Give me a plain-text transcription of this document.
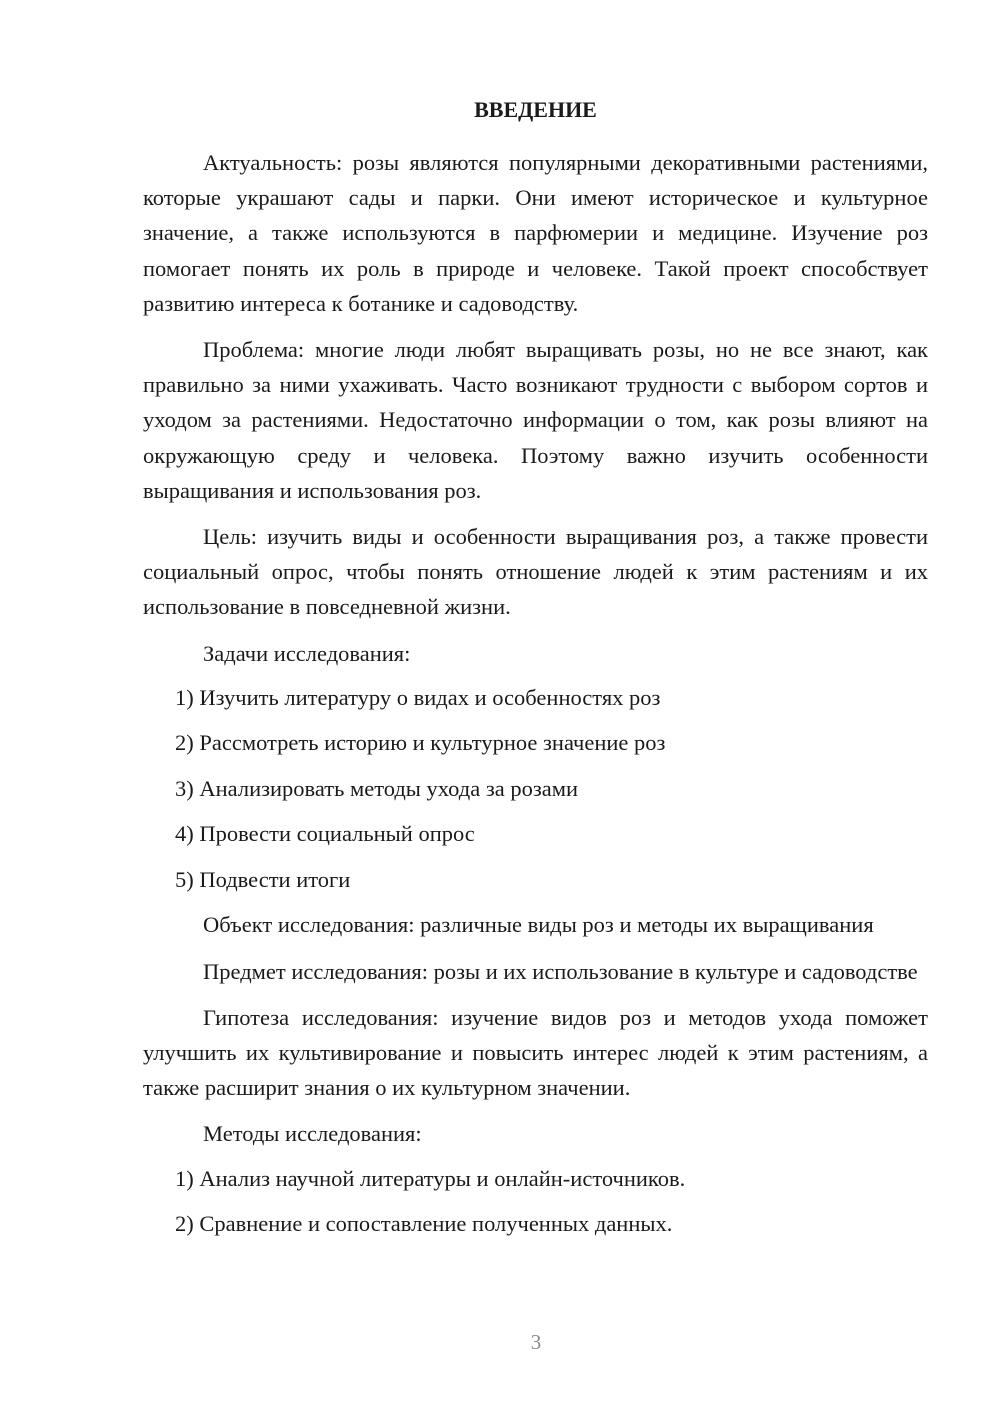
ВВЕДЕНИЕ

Актуальность: розы являются популярными декоративными растениями, которые украшают сады и парки. Они имеют историческое и культурное значение, а также используются в парфюмерии и медицине. Изучение роз помогает понять их роль в природе и человеке. Такой проект способствует развитию интереса к ботанике и садоводству.

Проблема: многие люди любят выращивать розы, но не все знают, как правильно за ними ухаживать. Часто возникают трудности с выбором сортов и уходом за растениями. Недостаточно информации о том, как розы влияют на окружающую среду и человека. Поэтому важно изучить особенности выращивания и использования роз.

Цель: изучить виды и особенности выращивания роз, а также провести социальный опрос, чтобы понять отношение людей к этим растениям и их использование в повседневной жизни.

Задачи исследования:

1) Изучить литературу о видах и особенностях роз
2) Рассмотреть историю и культурное значение роз
3) Анализировать методы ухода за розами
4) Провести социальный опрос
5) Подвести итоги

Объект исследования: различные виды роз и методы их выращивания

Предмет исследования: розы и их использование в культуре и садоводстве

Гипотеза исследования: изучение видов роз и методов ухода поможет улучшить их культивирование и повысить интерес людей к этим растениям, а также расширит знания о их культурном значении.

Методы исследования:

1) Анализ научной литературы и онлайн-источников.
2) Сравнение и сопоставление полученных данных.
3
